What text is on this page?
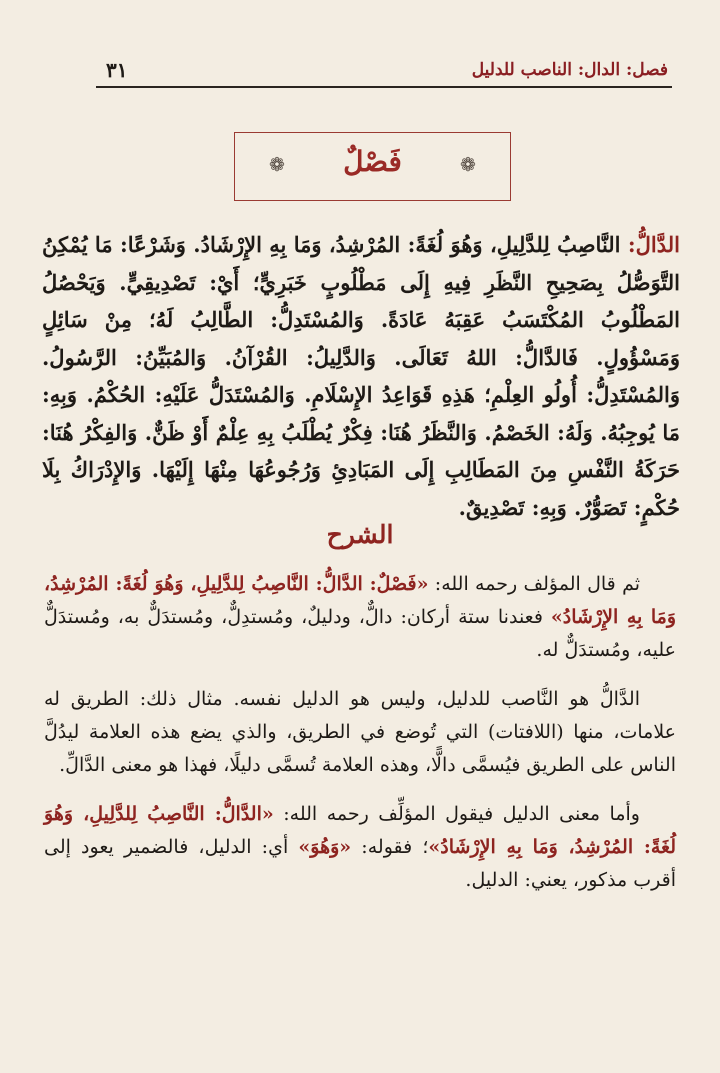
فصل: الدال: الناصب للدليل
٣١
❁	فَصْلٌ	❁
الدَّالُّ: النَّاصِبُ لِلدَّلِيلِ، وَهُوَ لُغَةً: المُرْشِدُ، وَمَا بِهِ الإِرْشَادُ. وَشَرْعًا: مَا يُمْكِنُ التَّوَصُّلُ بِصَحِيحِ النَّظَرِ فِيهِ إِلَى مَطْلُوبٍ خَبَرِيٍّ؛ أَيْ: تَصْدِيقِيٍّ. وَيَحْصُلُ المَطْلُوبُ المُكْتَسَبُ عَقِبَهُ عَادَةً. وَالمُسْتَدِلُّ: الطَّالِبُ لَهُ؛ مِنْ سَائِلٍ وَمَسْؤُولٍ. فَالدَّالُّ: اللهُ تَعَالَى. وَالدَّلِيلُ: القُرْآنُ. وَالمُبَيِّنُ: الرَّسُولُ. وَالمُسْتَدِلُّ: أُولُو العِلْمِ؛ هَذِهِ قَوَاعِدُ الإِسْلَامِ. وَالمُسْتَدَلُّ عَلَيْهِ: الحُكْمُ. وَبِهِ: مَا يُوجِبُهُ. وَلَهُ: الخَصْمُ. وَالنَّظَرُ هُنَا: فِكْرٌ يُطْلَبُ بِهِ عِلْمٌ أَوْ ظَنٌّ. وَالفِكْرُ هُنَا: حَرَكَةُ النَّفْسِ مِنَ المَطَالِبِ إِلَى المَبَادِئِ وَرُجُوعُهَا مِنْهَا إِلَيْهَا. وَالإِدْرَاكُ بِلَا حُكْمٍ: تَصَوُّرٌ. وَبِهِ: تَصْدِيقٌ.
الشرح

ثم قال المؤلف رحمه الله: «فَصْلٌ: الدَّالُّ: النَّاصِبُ لِلدَّلِيلِ، وَهُوَ لُغَةً: المُرْشِدُ، وَمَا بِهِ الإِرْشَادُ» فعندنا ستة أركان: دالٌّ، ودليلٌ، ومُستدِلٌّ، ومُستدَلٌّ به، ومُستدَلٌّ عليه، ومُستدَلٌّ له.

الدَّالُّ هو النَّاصب للدليل، وليس هو الدليل نفسه. مثال ذلك: الطريق له علامات، منها (اللافتات) التي تُوضع في الطريق، والذي يضع هذه العلامة ليدُلَّ الناس على الطريق فيُسمَّى دالًّا، وهذه العلامة تُسمَّى دليلًا، فهذا هو معنى الدَّالِّ.

وأما معنى الدليل فيقول المؤلِّف رحمه الله: «الدَّالُّ: النَّاصِبُ لِلدَّلِيلِ، وَهُوَ لُغَةً: المُرْشِدُ، وَمَا بِهِ الإِرْشَادُ»؛ فقوله: «وَهُوَ» أي: الدليل، فالضمير يعود إلى أقرب مذكور، يعني: الدليل.
